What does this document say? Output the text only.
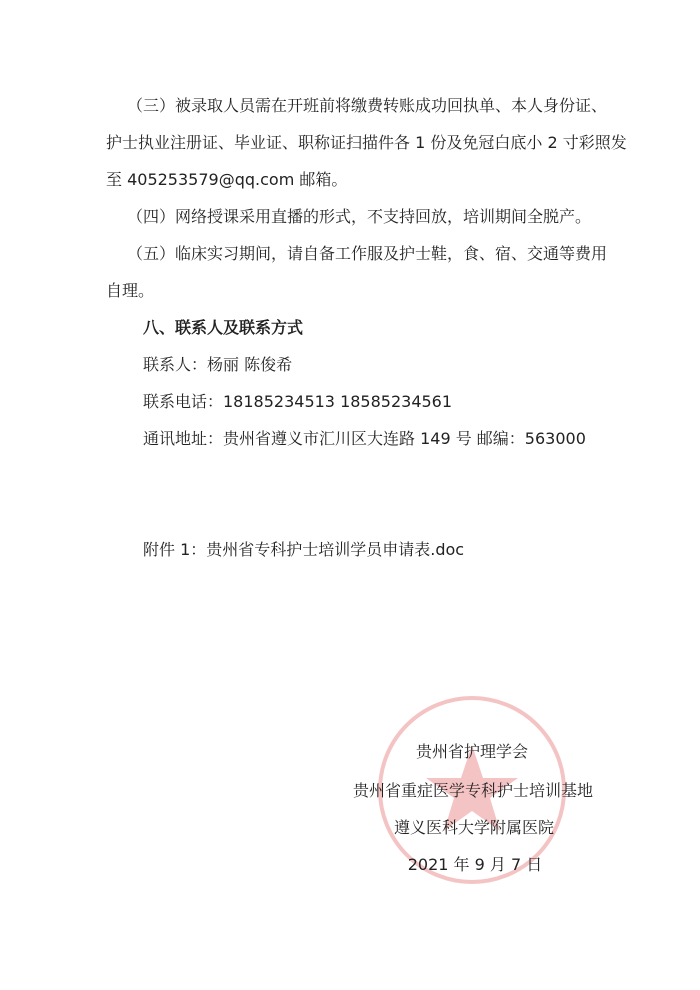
（三）被录取人员需在开班前将缴费转账成功回执单、本人身份证、
护士执业注册证、毕业证、职称证扫描件各 1 份及免冠白底小 2 寸彩照发
至 405253579@qq.com 邮箱。
（四）网络授课采用直播的形式，不支持回放，培训期间全脱产。
（五）临床实习期间，请自备工作服及护士鞋，食、宿、交通等费用
自理。
八、联系人及联系方式
联系人：杨丽 陈俊希
联系电话：18185234513 18585234561
通讯地址：贵州省遵义市汇川区大连路 149 号 邮编：563000
附件 1：贵州省专科护士培训学员申请表.doc
贵州省护理学会
贵州省重症医学专科护士培训基地
遵义医科大学附属医院
2021 年 9 月 7 日
